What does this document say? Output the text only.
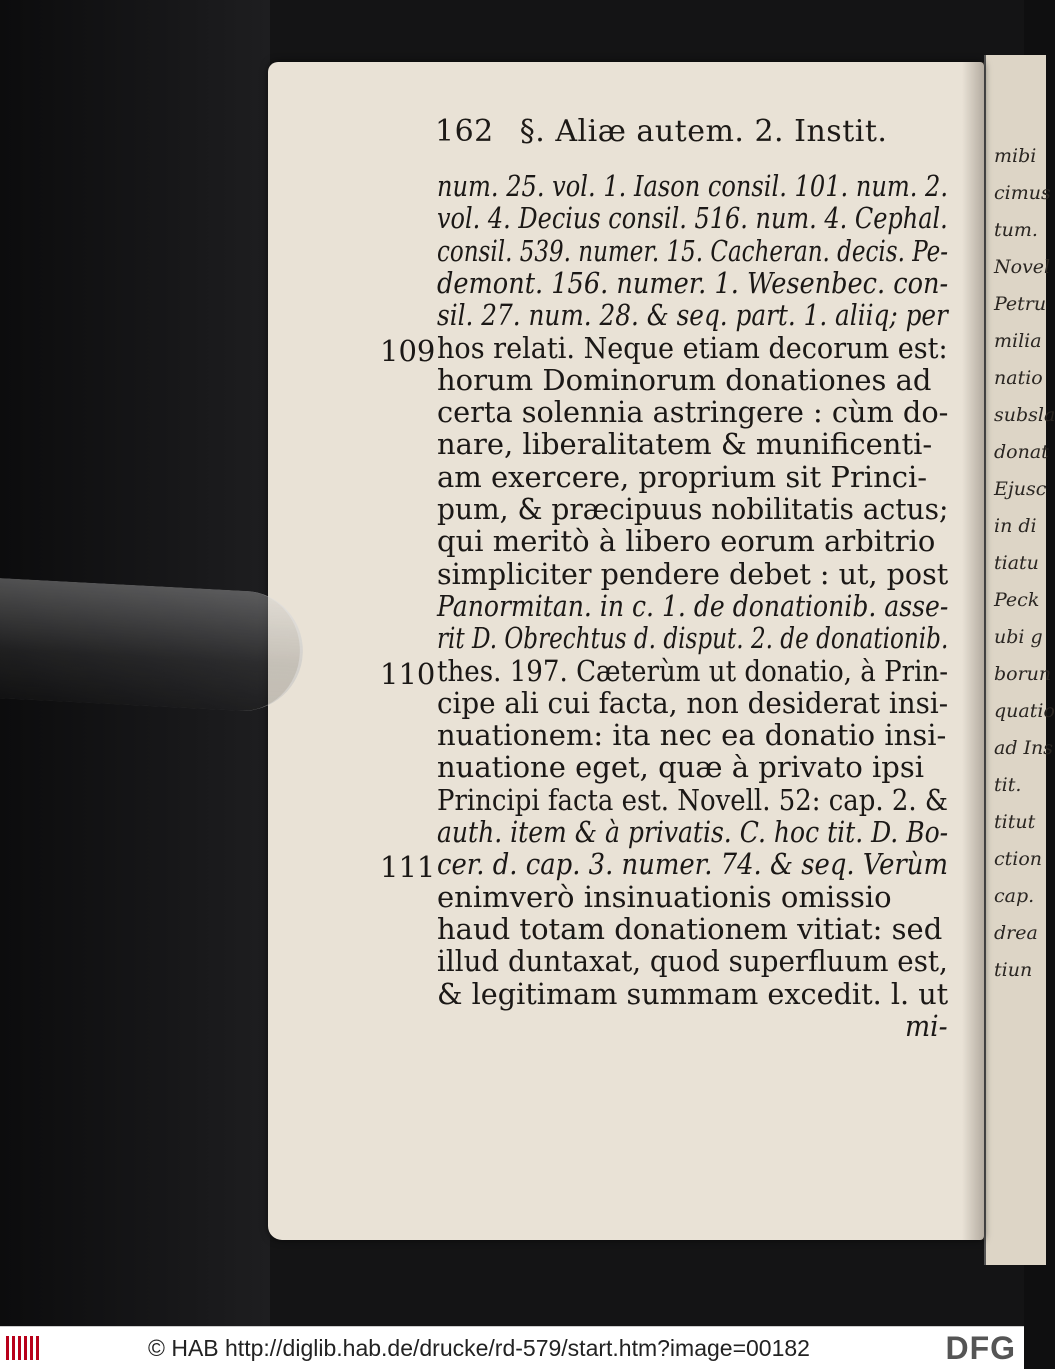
mibi
cimus
tum.
Novel
Petru
milia
natio
subsla
donat
Ejusc
in di
tiatu
Peck
ubi g
borun
quatio
ad Ins
tit.
titut
ction
cap.
drea
tiun
162 §. Aliæ autem. 2. Instit.
num. 25. vol. 1. Iason consil. 101. num. 2.
vol. 4. Decius consil. 516. num. 4. Cephal.
consil. 539. numer. 15. Cacheran. decis. Pe-
demont. 156. numer. 1. Wesenbec. con-
sil. 27. num. 28. & seq. part. 1. aliiq; per
hos relati. Neque etiam decorum est:
horum Dominorum donationes ad
certa solennia astringere : cùm do-
nare, liberalitatem & munificenti-
am exercere, proprium sit Princi-
pum, & præcipuus nobilitatis actus;
qui meritò à libero eorum arbitrio
simpliciter pendere debet : ut, post
Panormitan. in c. 1. de donationib. asse-
rit D. Obrechtus d. disput. 2. de donationib.
thes. 197. Cæterùm ut donatio, à Prin-
cipe ali cui facta, non desiderat insi-
nuationem: ita nec ea donatio insi-
nuatione eget, quæ à privato ipsi
Principi facta est. Novell. 52: cap. 2. &
auth. item & à privatis. C. hoc tit. D. Bo-
cer. d. cap. 3. numer. 74. & seq. Verùm
enimverò insinuationis omissio
haud totam donationem vitiat: sed
illud duntaxat, quod superfluum est,
& legitimam summam excedit. l. ut
mi-
109
110
111
© HAB http://diglib.hab.de/drucke/rd-579/start.htm?image=00182	DFG
